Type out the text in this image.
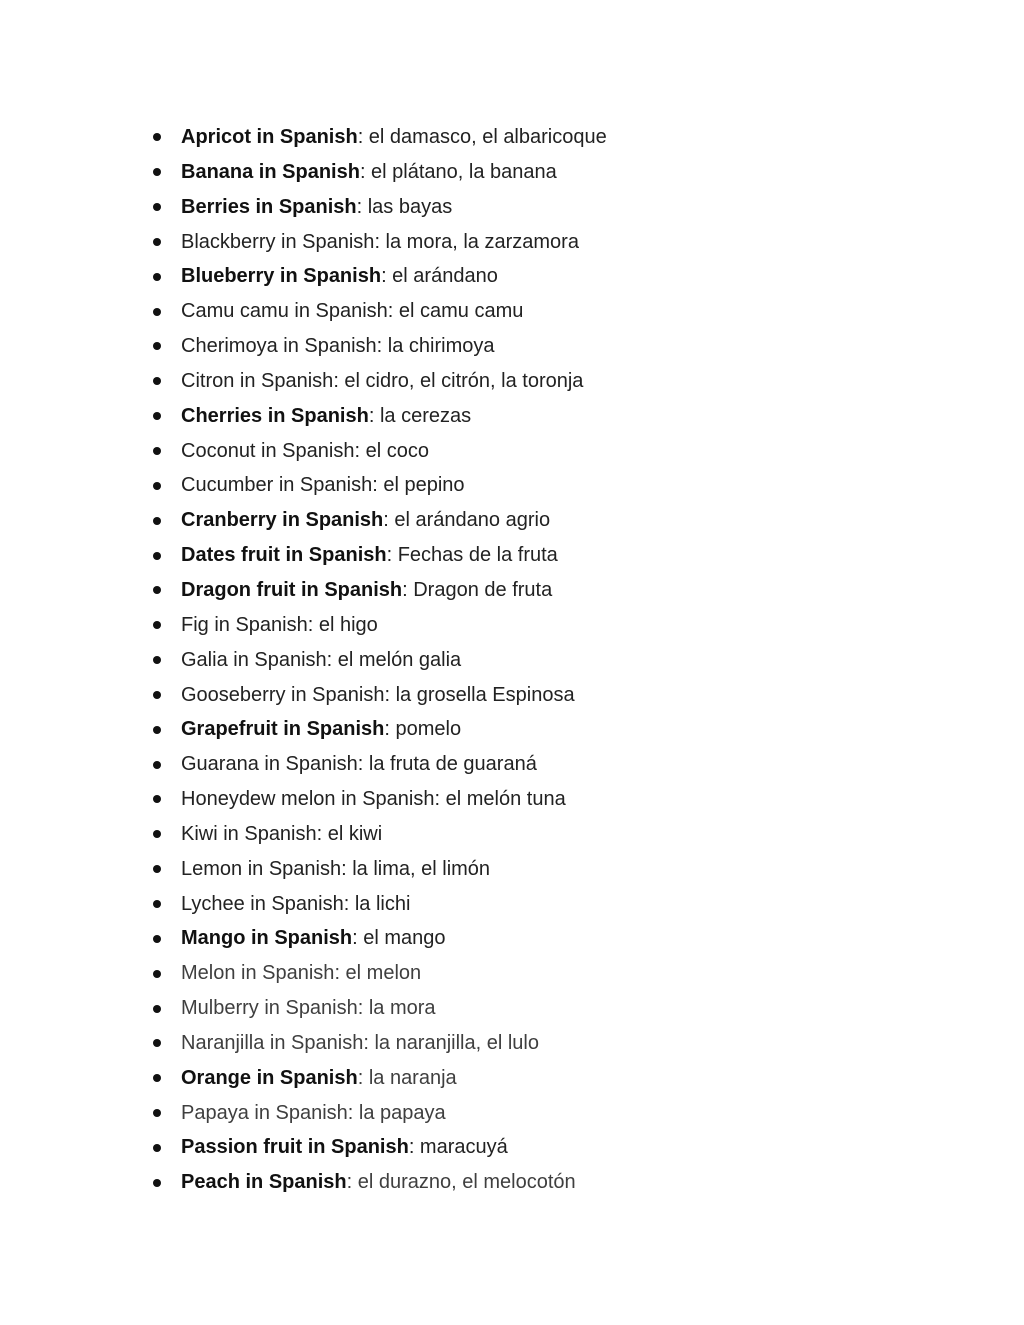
Apricot in Spanish: el damasco, el albaricoque
Banana in Spanish: el plátano, la banana
Berries in Spanish: las bayas
Blackberry in Spanish: la mora, la zarzamora
Blueberry in Spanish: el arándano
Camu camu in Spanish: el camu camu
Cherimoya in Spanish: la chirimoya
Citron in Spanish: el cidro, el citrón, la toronja
Cherries in Spanish: la cerezas
Coconut in Spanish: el coco
Cucumber in Spanish: el pepino
Cranberry in Spanish: el arándano agrio
Dates fruit in Spanish: Fechas de la fruta
Dragon fruit in Spanish: Dragon de fruta
Fig in Spanish: el higo
Galia in Spanish: el melón galia
Gooseberry in Spanish: la grosella Espinosa
Grapefruit in Spanish: pomelo
Guarana in Spanish: la fruta de guaraná
Honeydew melon in Spanish: el melón tuna
Kiwi in Spanish: el kiwi
Lemon in Spanish: la lima, el limón
Lychee in Spanish: la lichi
Mango in Spanish: el mango
Melon in Spanish: el melon
Mulberry in Spanish: la mora
Naranjilla in Spanish: la naranjilla, el lulo
Orange in Spanish: la naranja
Papaya in Spanish: la papaya
Passion fruit in Spanish: maracuyá
Peach in Spanish: el durazno, el melocotón
